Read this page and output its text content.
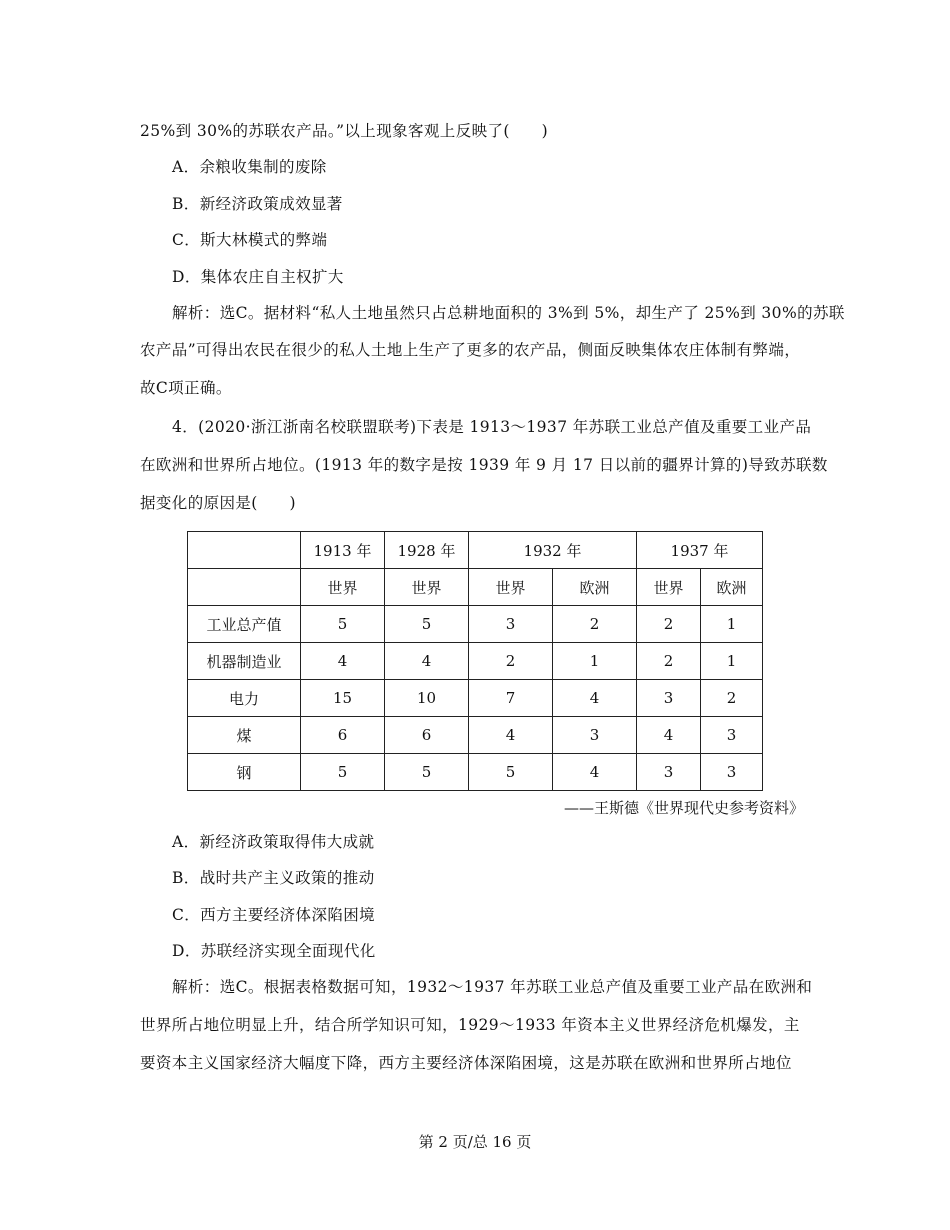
25%到 30%的苏联农产品。”以上现象客观上反映了(　　)
A．余粮收集制的废除
B．新经济政策成效显著
C．斯大林模式的弊端
D．集体农庄自主权扩大
解析：选C。据材料“私人土地虽然只占总耕地面积的 3%到 5%，却生产了 25%到 30%的苏联
农产品”可得出农民在很少的私人土地上生产了更多的农产品，侧面反映集体农庄体制有弊端，
故C项正确。
4．(2020·浙江浙南名校联盟联考)下表是 1913～1937 年苏联工业总产值及重要工业产品
在欧洲和世界所占地位。(1913 年的数字是按 1939 年 9 月 17 日以前的疆界计算的)导致苏联数
据变化的原因是(　　)
	1913 年	1928 年	1932 年		1937 年	
	世界	世界	世界	欧洲	世界	欧洲
工业总产值	5	5	3	2	2	1
机器制造业	4	4	2	1	2	1
电力	15	10	7	4	3	2
煤	6	6	4	3	4	3
钢	5	5	5	4	3	3
——王斯德《世界现代史参考资料》
A．新经济政策取得伟大成就
B．战时共产主义政策的推动
C．西方主要经济体深陷困境
D．苏联经济实现全面现代化
解析：选C。根据表格数据可知，1932～1937 年苏联工业总产值及重要工业产品在欧洲和
世界所占地位明显上升，结合所学知识可知，1929～1933 年资本主义世界经济危机爆发，主
要资本主义国家经济大幅度下降，西方主要经济体深陷困境，这是苏联在欧洲和世界所占地位
第 2 页/总 16 页
